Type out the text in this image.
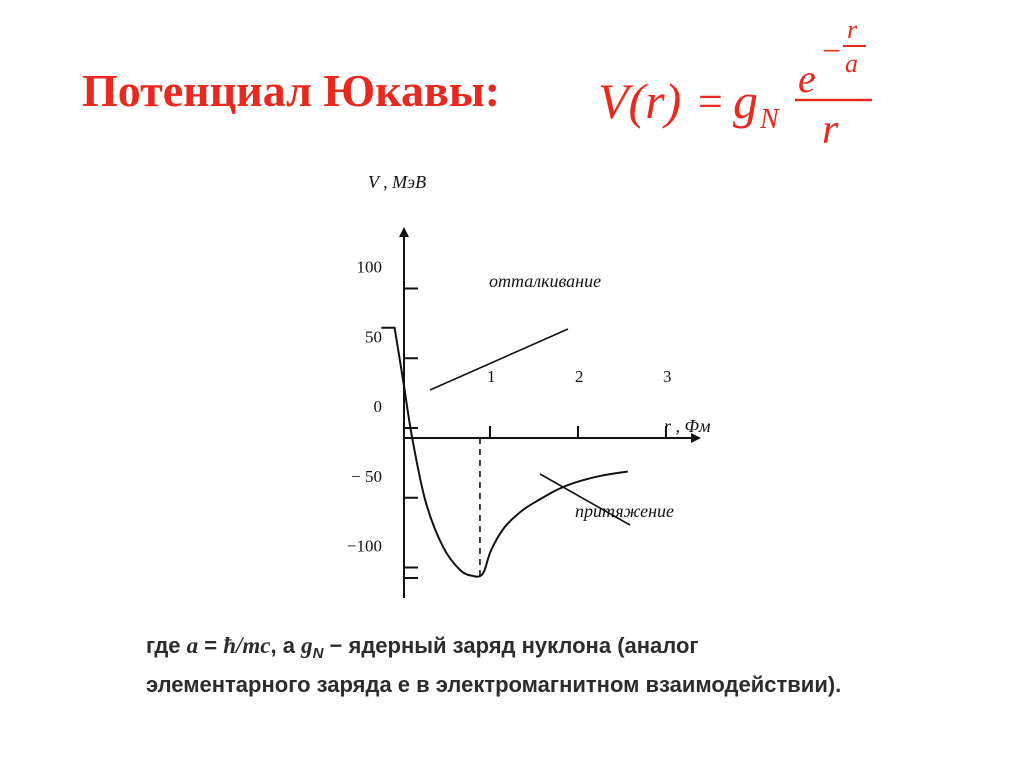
Потенциал Юкавы: V(r) = g N
e
−
r
a
r
100
50
0
− 50
−100
1	2	3
V , МэВ
r , Фм
отталкивание
притяжение
где a = ħ/mc, а $g_N$ − ядерный заряд нуклона (аналог элементарного заряда е в электромагнитном взаимодействии).
